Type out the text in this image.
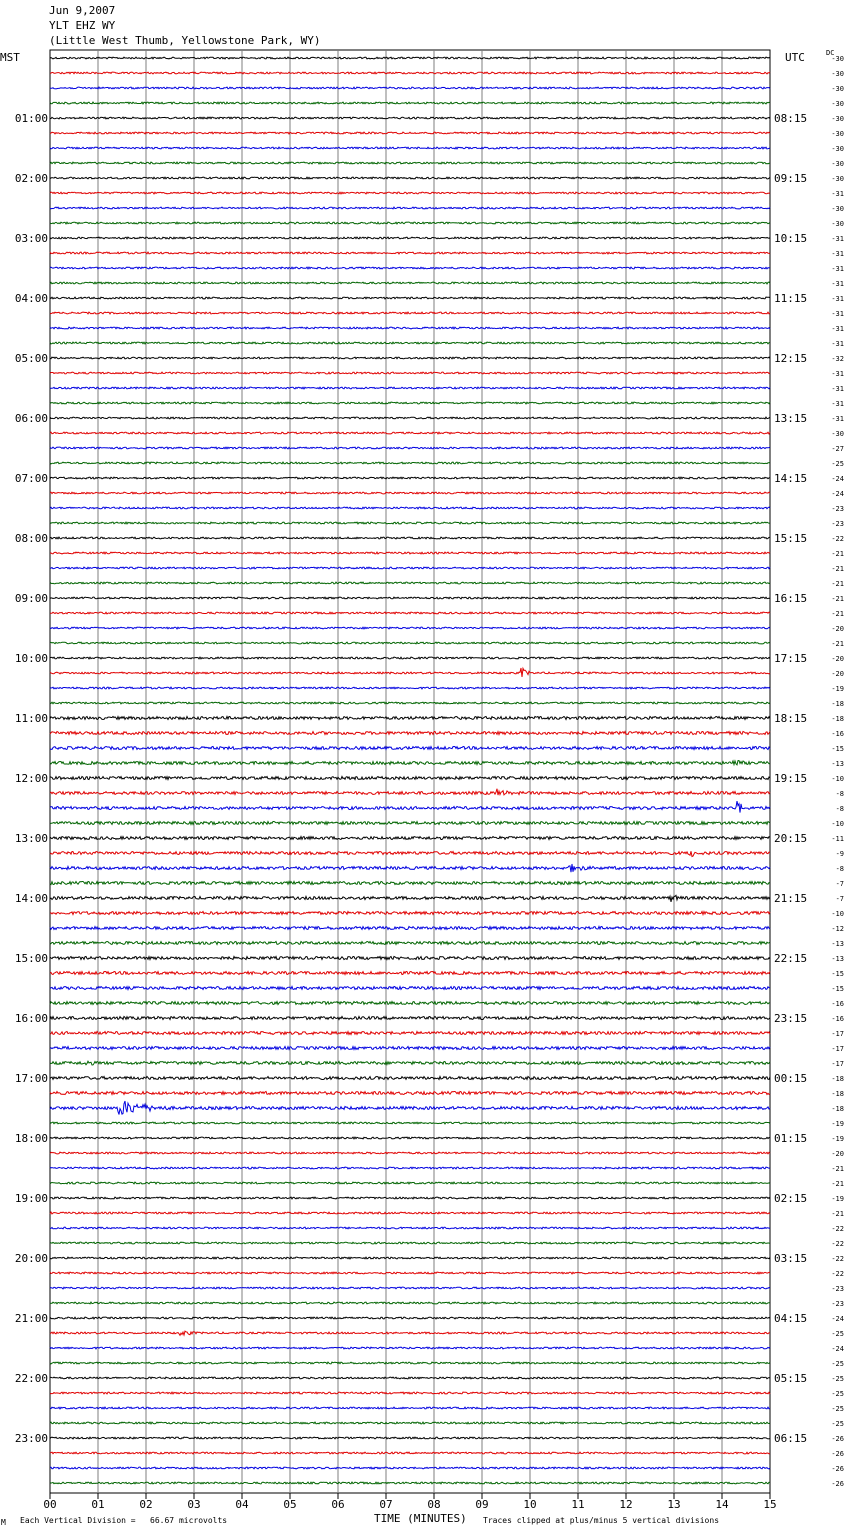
Jun 9,2007
YLT EHZ WY
(Little West Thumb, Yellowstone Park, WY)
MST	UTC	DC
-30
-30
-30
-30
-30
-30
-30
-30
-30
-31
-30
-30
-31
-31
-31
-31
-31
-31
-31
-31
-32
-31
-31
-31
-31
-30
-27
-25
-24
-24
-23
-23
-22
-21
-21
-21
-21
-21
-20
-21
-20
-20
-19
-18
-18
-16
-15
-13
-10
-8
-8
-10
-11
-9
-8
-7
-7
-10
-12
-13
-13
-15
-15
-16
-16
-17
-17
-17
-18
-18
-18
-19
-19
-20
-21
-21
-19
-21
-22
-22
-22
-22
-23
-23
-24
-25
-24
-25
-25
-25
-25
-25
-26
-26
-26
-26
01:00
02:00
03:00
04:00
05:00
06:00
07:00
08:00
09:00
10:00
11:00
12:00
13:00
14:00
15:00
16:00
17:00
18:00
19:00
20:00
21:00
22:00
23:00
08:15
09:15
10:15
11:15
12:15
13:15
14:15
15:15
16:15
17:15
18:15
19:15
20:15
21:15
22:15
23:15
00:15
01:15
02:15
03:15
04:15
05:15
06:15
00	01	02	03	04	05	06	07	08	09	10	11	12	13	14	15
M Each Vertical Division =   66.67 microvolts	TIME (MINUTES) Traces clipped at plus/minus 5 vertical divisions
